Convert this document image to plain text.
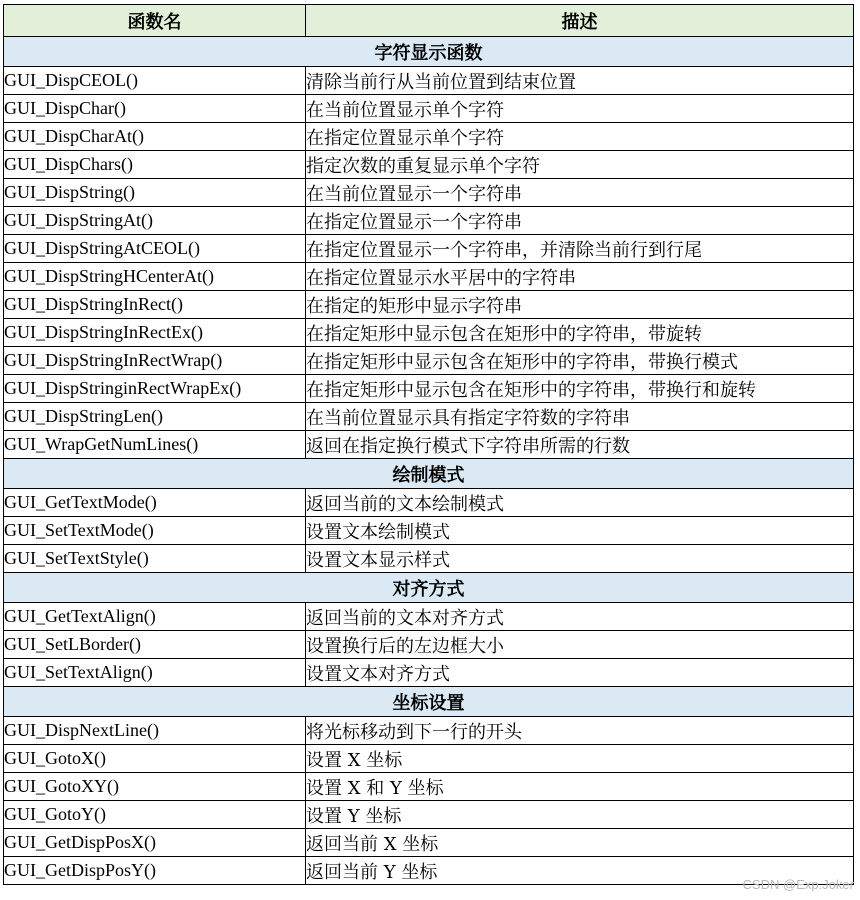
函数名	描述
字符显示函数	
GUI_DispCEOL()	清除当前行从当前位置到结束位置
GUI_DispChar()	在当前位置显示单个字符
GUI_DispCharAt()	在指定位置显示单个字符
GUI_DispChars()	指定次数的重复显示单个字符
GUI_DispString()	在当前位置显示一个字符串
GUI_DispStringAt()	在指定位置显示一个字符串
GUI_DispStringAtCEOL()	在指定位置显示一个字符串，并清除当前行到行尾
GUI_DispStringHCenterAt()	在指定位置显示水平居中的字符串
GUI_DispStringInRect()	在指定的矩形中显示字符串
GUI_DispStringInRectEx()	在指定矩形中显示包含在矩形中的字符串，带旋转
GUI_DispStringInRectWrap()	在指定矩形中显示包含在矩形中的字符串，带换行模式
GUI_DispStringinRectWrapEx()	在指定矩形中显示包含在矩形中的字符串，带换行和旋转
GUI_DispStringLen()	在当前位置显示具有指定字符数的字符串
GUI_WrapGetNumLines()	返回在指定换行模式下字符串所需的行数
绘制模式	
GUI_GetTextMode()	返回当前的文本绘制模式
GUI_SetTextMode()	设置文本绘制模式
GUI_SetTextStyle()	设置文本显示样式
对齐方式	
GUI_GetTextAlign()	返回当前的文本对齐方式
GUI_SetLBorder()	设置换行后的左边框大小
GUI_SetTextAlign()	设置文本对齐方式
坐标设置	
GUI_DispNextLine()	将光标移动到下一行的开头
GUI_GotoX()	设置 X 坐标
GUI_GotoXY()	设置 X 和 Y 坐标
GUI_GotoY()	设置 Y 坐标
GUI_GetDispPosX()	返回当前 X 坐标
GUI_GetDispPosY()	返回当前 Y 坐标
CSDN @Exp.Joker
